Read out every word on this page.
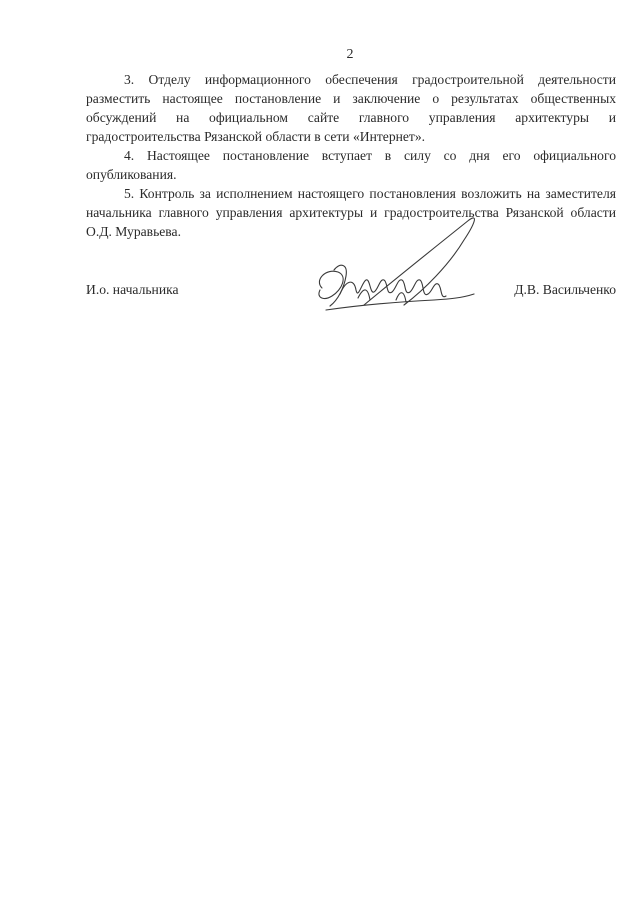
2

3. Отделу информационного обеспечения градостроительной деятельности разместить настоящее постановление и заключение о результатах общественных обсуждений на официальном сайте главного управления архитектуры и градостроительства Рязанской области в сети «Интернет».

4. Настоящее постановление вступает в силу со дня его официального опубликования.

5. Контроль за исполнением настоящего постановления возложить на заместителя начальника главного управления архитектуры и градостроительства Рязанской области О.Д. Муравьева.

И.о. начальника	Д.В. Васильченко
